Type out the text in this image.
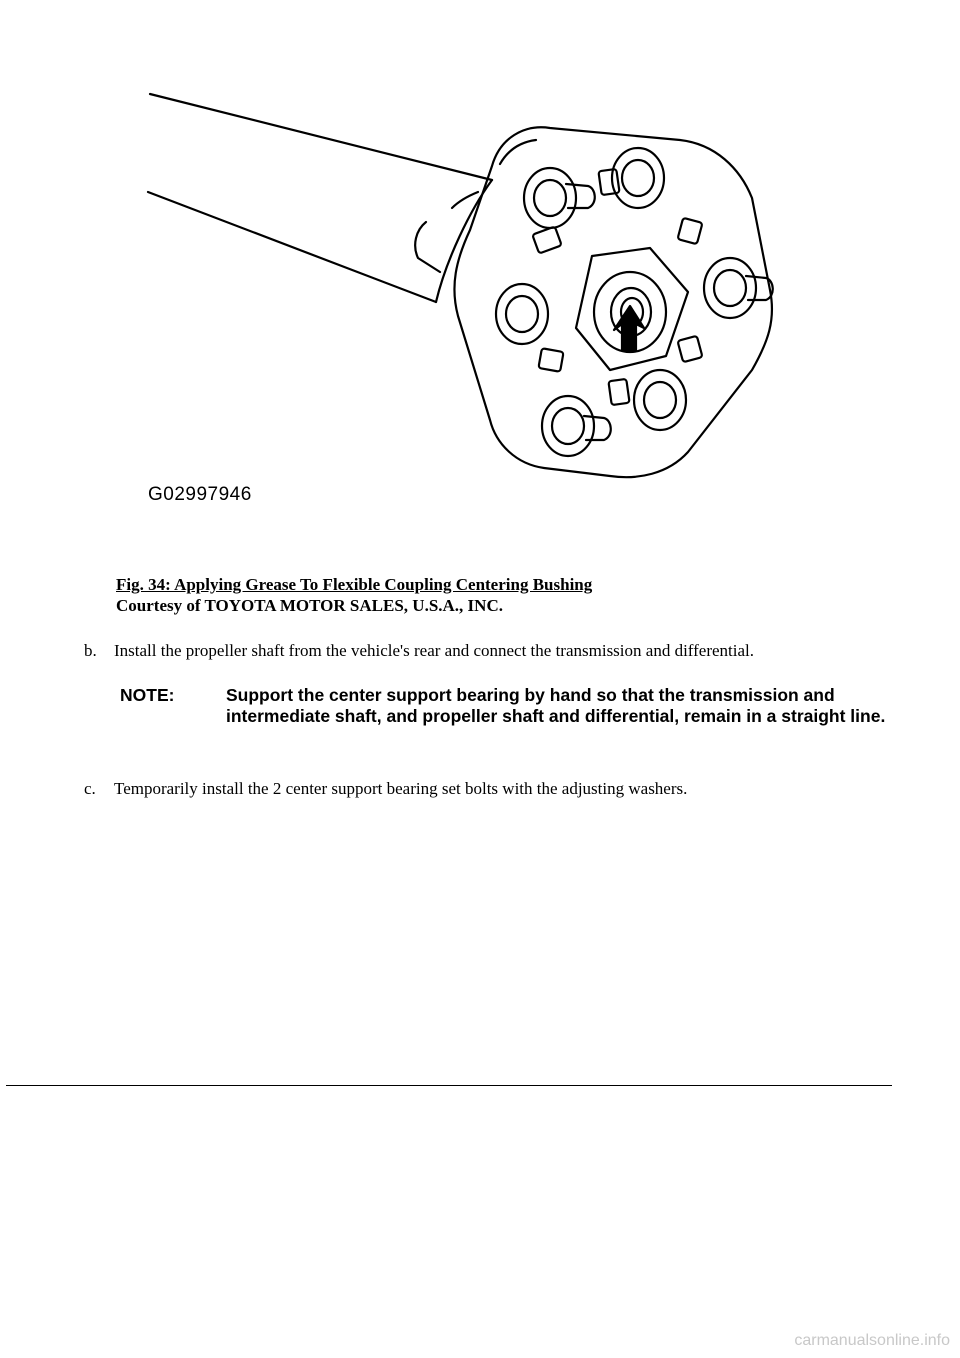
G02997946
Fig. 34: Applying Grease To Flexible Coupling Centering Bushing
Courtesy of TOYOTA MOTOR SALES, U.S.A., INC.
b. Install the propeller shaft from the vehicle's rear and connect the transmission and differential.
NOTE:	Support the center support bearing by hand so that the transmission and intermediate shaft, and propeller shaft and differential, remain in a straight line.
c. Temporarily install the 2 center support bearing set bolts with the adjusting washers.
carmanualsonline.info
